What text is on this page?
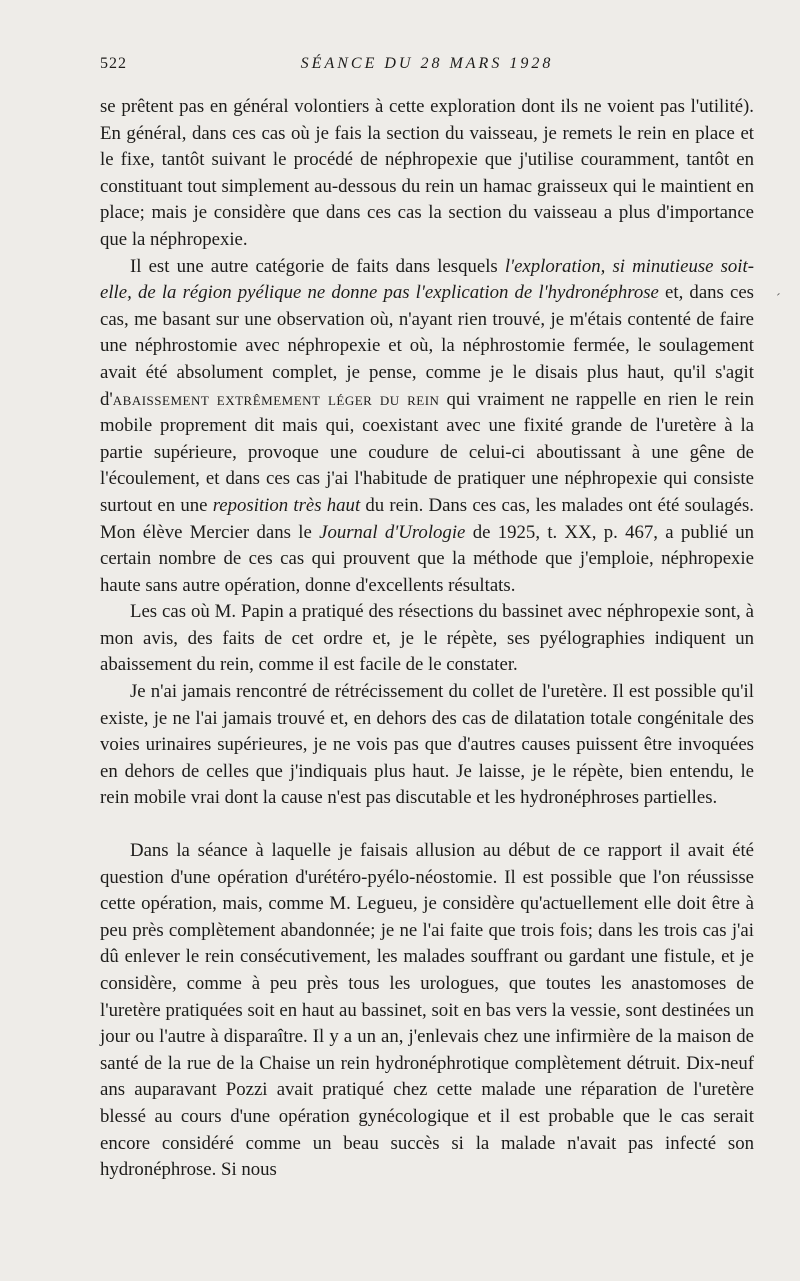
522	SÉANCE DU 28 MARS 1928

se prêtent pas en général volontiers à cette exploration dont ils ne voient pas l'utilité). En général, dans ces cas où je fais la section du vaisseau, je remets le rein en place et le fixe, tantôt suivant le procédé de néphropexie que j'utilise couramment, tantôt en constituant tout simplement au-dessous du rein un hamac graisseux qui le maintient en place; mais je considère que dans ces cas la section du vaisseau a plus d'importance que la néphropexie.

Il est une autre catégorie de faits dans lesquels l'exploration, si minutieuse soit-elle, de la région pyélique ne donne pas l'explication de l'hydronéphrose et, dans ces cas, me basant sur une observation où, n'ayant rien trouvé, je m'étais contenté de faire une néphrostomie avec néphropexie et où, la néphrostomie fermée, le soulagement avait été absolument complet, je pense, comme je le disais plus haut, qu'il s'agit d'abaissement extrêmement léger du rein qui vraiment ne rappelle en rien le rein mobile proprement dit mais qui, coexistant avec une fixité grande de l'uretère à la partie supérieure, provoque une coudure de celui-ci aboutissant à une gêne de l'écoulement, et dans ces cas j'ai l'habitude de pratiquer une néphropexie qui consiste surtout en une reposition très haut du rein. Dans ces cas, les malades ont été soulagés. Mon élève Mercier dans le Journal d'Urologie de 1925, t. XX, p. 467, a publié un certain nombre de ces cas qui prouvent que la méthode que j'emploie, néphropexie haute sans autre opération, donne d'excellents résultats.

Les cas où M. Papin a pratiqué des résections du bassinet avec néphropexie sont, à mon avis, des faits de cet ordre et, je le répète, ses pyélographies indiquent un abaissement du rein, comme il est facile de le constater.

Je n'ai jamais rencontré de rétrécissement du collet de l'uretère. Il est possible qu'il existe, je ne l'ai jamais trouvé et, en dehors des cas de dilatation totale congénitale des voies urinaires supérieures, je ne vois pas que d'autres causes puissent être invoquées en dehors de celles que j'indiquais plus haut. Je laisse, je le répète, bien entendu, le rein mobile vrai dont la cause n'est pas discutable et les hydronéphroses partielles.

Dans la séance à laquelle je faisais allusion au début de ce rapport il avait été question d'une opération d'urétéro-pyélo-néostomie. Il est possible que l'on réussisse cette opération, mais, comme M. Legueu, je considère qu'actuellement elle doit être à peu près complètement abandonnée; je ne l'ai faite que trois fois; dans les trois cas j'ai dû enlever le rein consécutivement, les malades souffrant ou gardant une fistule, et je considère, comme à peu près tous les urologues, que toutes les anastomoses de l'uretère pratiquées soit en haut au bassinet, soit en bas vers la vessie, sont destinées un jour ou l'autre à disparaître. Il y a un an, j'enlevais chez une infirmière de la maison de santé de la rue de la Chaise un rein hydronéphrotique complètement détruit. Dix-neuf ans auparavant Pozzi avait pratiqué chez cette malade une réparation de l'uretère blessé au cours d'une opération gynécologique et il est probable que le cas serait encore considéré comme un beau succès si la malade n'avait pas infecté son hydronéphrose. Si nous

´
